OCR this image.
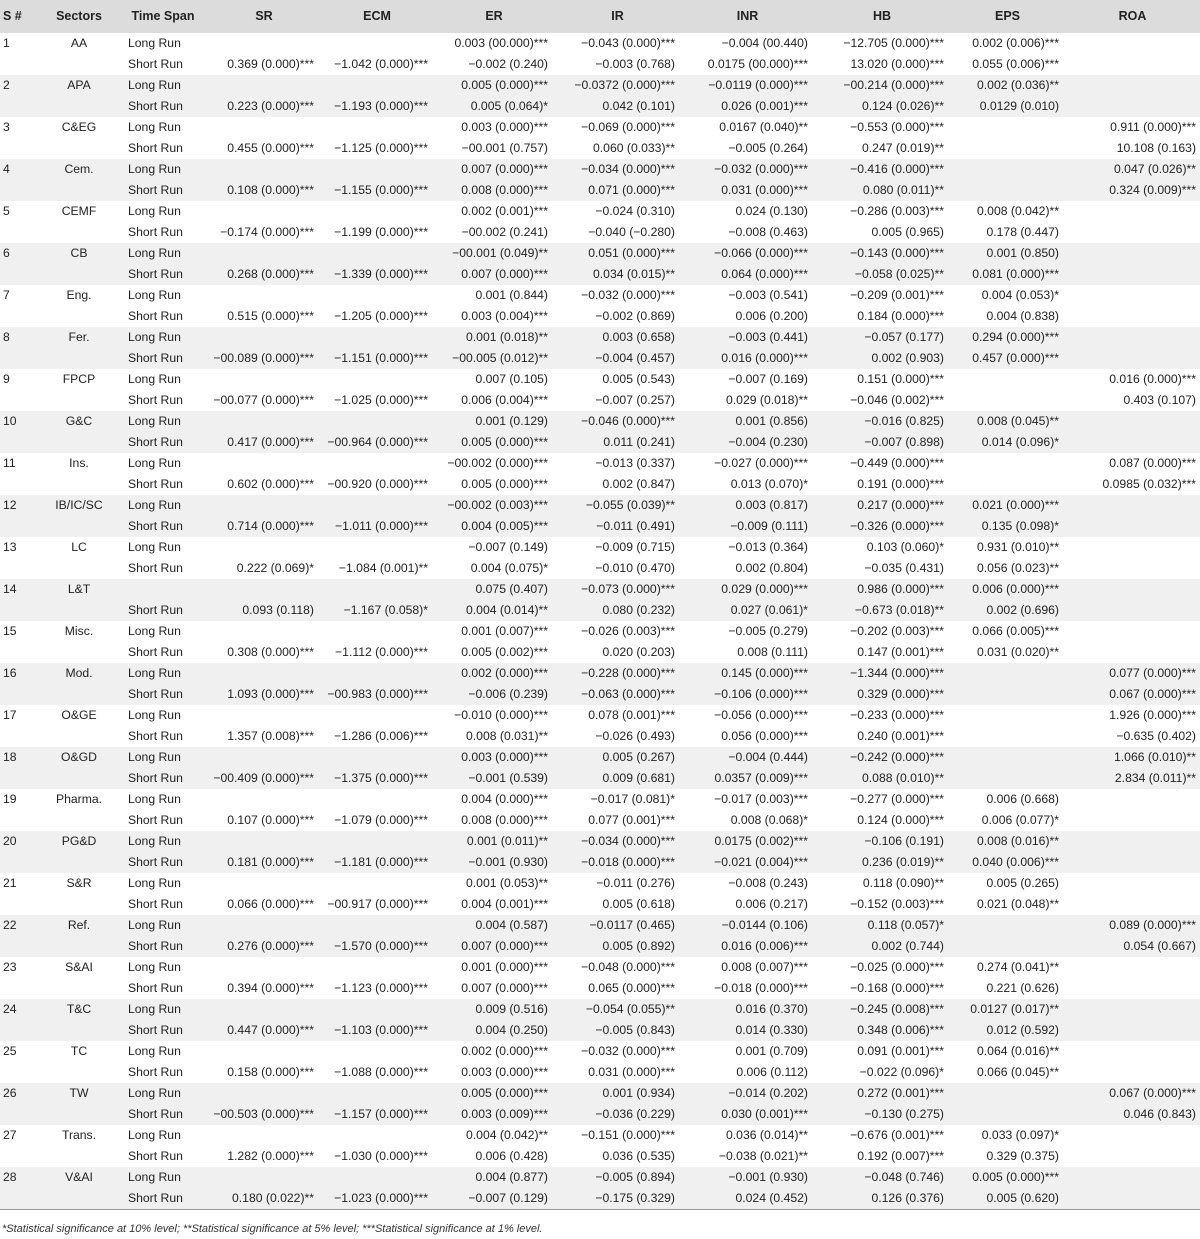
S #	Sectors	Time Span	SR	ECM	ER	IR	INR	HB	EPS	ROA
1	AA	Long Run			0.003 (00.000)***	−0.043 (0.000)***	−0.004 (00.440)	−12.705 (0.000)***	0.002 (0.006)***	
		Short Run	0.369 (0.000)***	−1.042 (0.000)***	−0.002 (0.240)	−0.003 (0.768)	0.0175 (00.000)***	13.020 (0.000)***	0.055 (0.006)***	
2	APA	Long Run			0.005 (0.000)***	−0.0372 (0.000)***	−0.0119 (0.000)***	−00.214 (0.000)***	0.002 (0.036)**	
		Short Run	0.223 (0.000)***	−1.193 (0.000)***	0.005 (0.064)*	0.042 (0.101)	0.026 (0.001)***	0.124 (0.026)**	0.0129 (0.010)	
3	C&EG	Long Run			0.003 (0.000)***	−0.069 (0.000)***	0.0167 (0.040)**	−0.553 (0.000)***		0.911 (0.000)***
		Short Run	0.455 (0.000)***	−1.125 (0.000)***	−00.001 (0.757)	0.060 (0.033)**	−0.005 (0.264)	0.247 (0.019)**		10.108 (0.163)
4	Cem.	Long Run			0.007 (0.000)***	−0.034 (0.000)***	−0.032 (0.000)***	−0.416 (0.000)***		0.047 (0.026)**
		Short Run	0.108 (0.000)***	−1.155 (0.000)***	0.008 (0.000)***	0.071 (0.000)***	0.031 (0.000)***	0.080 (0.011)**		0.324 (0.009)***
5	CEMF	Long Run			0.002 (0.001)***	−0.024 (0.310)	0.024 (0.130)	−0.286 (0.003)***	0.008 (0.042)**	
		Short Run	−0.174 (0.000)***	−1.199 (0.000)***	−00.002 (0.241)	−0.040 (−0.280)	−0.008 (0.463)	0.005 (0.965)	0.178 (0.447)	
6	CB	Long Run			−00.001 (0.049)**	0.051 (0.000)***	−0.066 (0.000)***	−0.143 (0.000)***	0.001 (0.850)	
		Short Run	0.268 (0.000)***	−1.339 (0.000)***	0.007 (0.000)***	0.034 (0.015)**	0.064 (0.000)***	−0.058 (0.025)**	0.081 (0.000)***	
7	Eng.	Long Run			0.001 (0.844)	−0.032 (0.000)***	−0.003 (0.541)	−0.209 (0.001)***	0.004 (0.053)*	
		Short Run	0.515 (0.000)***	−1.205 (0.000)***	0.003 (0.004)***	−0.002 (0.869)	0.006 (0.200)	0.184 (0.000)***	0.004 (0.838)	
8	Fer.	Long Run			0.001 (0.018)**	0.003 (0.658)	−0.003 (0.441)	−0.057 (0.177)	0.294 (0.000)***	
		Short Run	−00.089 (0.000)***	−1.151 (0.000)***	−00.005 (0.012)**	−0.004 (0.457)	0.016 (0.000)***	0.002 (0.903)	0.457 (0.000)***	
9	FPCP	Long Run			0.007 (0.105)	0.005 (0.543)	−0.007 (0.169)	0.151 (0.000)***		0.016 (0.000)***
		Short Run	−00.077 (0.000)***	−1.025 (0.000)***	0.006 (0.004)***	−0.007 (0.257)	0.029 (0.018)**	−0.046 (0.002)***		0.403 (0.107)
10	G&C	Long Run			0.001 (0.129)	−0.046 (0.000)***	0.001 (0.856)	−0.016 (0.825)	0.008 (0.045)**	
		Short Run	0.417 (0.000)***	−00.964 (0.000)***	0.005 (0.000)***	0.011 (0.241)	−0.004 (0.230)	−0.007 (0.898)	0.014 (0.096)*	
11	Ins.	Long Run			−00.002 (0.000)***	−0.013 (0.337)	−0.027 (0.000)***	−0.449 (0.000)***		0.087 (0.000)***
		Short Run	0.602 (0.000)***	−00.920 (0.000)***	0.005 (0.000)***	0.002 (0.847)	0.013 (0.070)*	0.191 (0.000)***		0.0985 (0.032)***
12	IB/IC/SC	Long Run			−00.002 (0.003)***	−0.055 (0.039)**	0.003 (0.817)	0.217 (0.000)***	0.021 (0.000)***	
		Short Run	0.714 (0.000)***	−1.011 (0.000)***	0.004 (0.005)***	−0.011 (0.491)	−0.009 (0.111)	−0.326 (0.000)***	0.135 (0.098)*	
13	LC	Long Run			−0.007 (0.149)	−0.009 (0.715)	−0.013 (0.364)	0.103 (0.060)*	0.931 (0.010)**	
		Short Run	0.222 (0.069)*	−1.084 (0.001)**	0.004 (0.075)*	−0.010 (0.470)	0.002 (0.804)	−0.035 (0.431)	0.056 (0.023)**	
14	L&T				0.075 (0.407)	−0.073 (0.000)***	0.029 (0.000)***	0.986 (0.000)***	0.006 (0.000)***	
		Short Run	0.093 (0.118)	−1.167 (0.058)*	0.004 (0.014)**	0.080 (0.232)	0.027 (0.061)*	−0.673 (0.018)**	0.002 (0.696)	
15	Misc.	Long Run			0.001 (0.007)***	−0.026 (0.003)***	−0.005 (0.279)	−0.202 (0.003)***	0.066 (0.005)***	
		Short Run	0.308 (0.000)***	−1.112 (0.000)***	0.005 (0.002)***	0.020 (0.203)	0.008 (0.111)	0.147 (0.001)***	0.031 (0.020)**	
16	Mod.	Long Run			0.002 (0.000)***	−0.228 (0.000)***	0.145 (0.000)***	−1.344 (0.000)***		0.077 (0.000)***
		Short Run	1.093 (0.000)***	−00.983 (0.000)***	−0.006 (0.239)	−0.063 (0.000)***	−0.106 (0.000)***	0.329 (0.000)***		0.067 (0.000)***
17	O&GE	Long Run			−0.010 (0.000)***	0.078 (0.001)***	−0.056 (0.000)***	−0.233 (0.000)***		1.926 (0.000)***
		Short Run	1.357 (0.008)***	−1.286 (0.006)***	0.008 (0.031)**	−0.026 (0.493)	0.056 (0.000)***	0.240 (0.001)***		−0.635 (0.402)
18	O&GD	Long Run			0.003 (0.000)***	0.005 (0.267)	−0.004 (0.444)	−0.242 (0.000)***		1.066 (0.010)**
		Short Run	−00.409 (0.000)***	−1.375 (0.000)***	−0.001 (0.539)	0.009 (0.681)	0.0357 (0.009)***	0.088 (0.010)**		2.834 (0.011)**
19	Pharma.	Long Run			0.004 (0.000)***	−0.017 (0.081)*	−0.017 (0.003)***	−0.277 (0.000)***	0.006 (0.668)	
		Short Run	0.107 (0.000)***	−1.079 (0.000)***	0.008 (0.000)***	0.077 (0.001)***	0.008 (0.068)*	0.124 (0.000)***	0.006 (0.077)*	
20	PG&D	Long Run			0.001 (0.011)**	−0.034 (0.000)***	0.0175 (0.002)***	−0.106 (0.191)	0.008 (0.016)**	
		Short Run	0.181 (0.000)***	−1.181 (0.000)***	−0.001 (0.930)	−0.018 (0.000)***	−0.021 (0.004)***	0.236 (0.019)**	0.040 (0.006)***	
21	S&R	Long Run			0.001 (0.053)**	−0.011 (0.276)	−0.008 (0.243)	0.118 (0.090)**	0.005 (0.265)	
		Short Run	0.066 (0.000)***	−00.917 (0.000)***	0.004 (0.001)***	0.005 (0.618)	0.006 (0.217)	−0.152 (0.003)***	0.021 (0.048)**	
22	Ref.	Long Run			0.004 (0.587)	−0.0117 (0.465)	−0.0144 (0.106)	0.118 (0.057)*		0.089 (0.000)***
		Short Run	0.276 (0.000)***	−1.570 (0.000)***	0.007 (0.000)***	0.005 (0.892)	0.016 (0.006)***	0.002 (0.744)		0.054 (0.667)
23	S&AI	Long Run			0.001 (0.000)***	−0.048 (0.000)***	0.008 (0.007)***	−0.025 (0.000)***	0.274 (0.041)**	
		Short Run	0.394 (0.000)***	−1.123 (0.000)***	0.007 (0.000)***	0.065 (0.000)***	−0.018 (0.000)***	−0.168 (0.000)***	0.221 (0.626)	
24	T&C	Long Run			0.009 (0.516)	−0.054 (0.055)**	0.016 (0.370)	−0.245 (0.008)***	0.0127 (0.017)**	
		Short Run	0.447 (0.000)***	−1.103 (0.000)***	0.004 (0.250)	−0.005 (0.843)	0.014 (0.330)	0.348 (0.006)***	0.012 (0.592)	
25	TC	Long Run			0.002 (0.000)***	−0.032 (0.000)***	0.001 (0.709)	0.091 (0.001)***	0.064 (0.016)**	
		Short Run	0.158 (0.000)***	−1.088 (0.000)***	0.003 (0.000)***	0.031 (0.000)***	0.006 (0.112)	−0.022 (0.096)*	0.066 (0.045)**	
26	TW	Long Run			0.005 (0.000)***	0.001 (0.934)	−0.014 (0.202)	0.272 (0.001)***		0.067 (0.000)***
		Short Run	−00.503 (0.000)***	−1.157 (0.000)***	0.003 (0.009)***	−0.036 (0.229)	0.030 (0.001)***	−0.130 (0.275)		0.046 (0.843)
27	Trans.	Long Run			0.004 (0.042)**	−0.151 (0.000)***	0.036 (0.014)**	−0.676 (0.001)***	0.033 (0.097)*	
		Short Run	1.282 (0.000)***	−1.030 (0.000)***	0.006 (0.428)	0.036 (0.535)	−0.038 (0.021)**	0.192 (0.007)***	0.329 (0.375)	
28	V&AI	Long Run			0.004 (0.877)	−0.005 (0.894)	−0.001 (0.930)	−0.048 (0.746)	0.005 (0.000)***	
		Short Run	0.180 (0.022)**	−1.023 (0.000)***	−0.007 (0.129)	−0.175 (0.329)	0.024 (0.452)	0.126 (0.376)	0.005 (0.620)	
*Statistical significance at 10% level; **Statistical significance at 5% level; ***Statistical significance at 1% level.
